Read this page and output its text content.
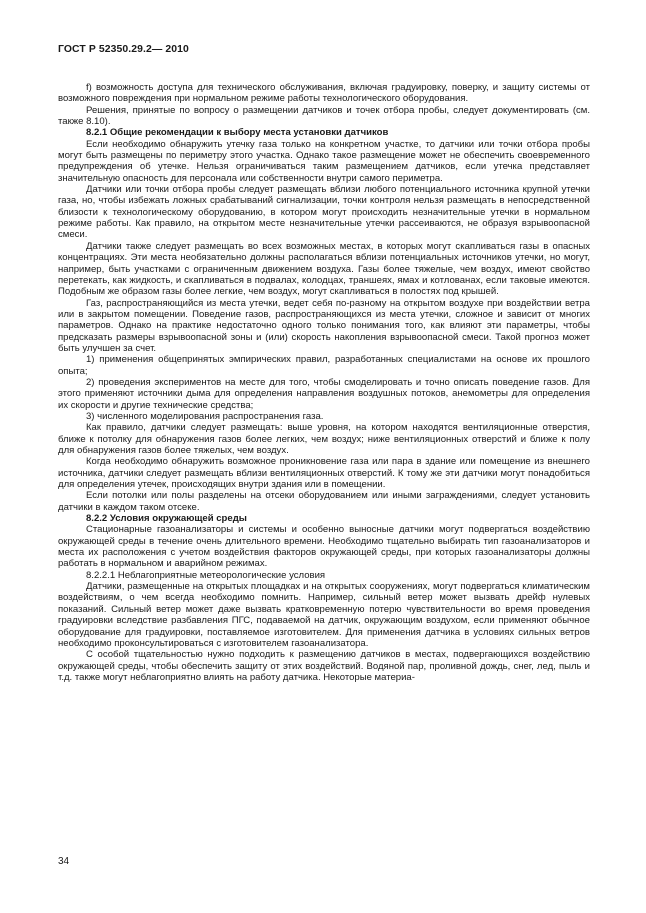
ГОСТ Р 52350.29.2— 2010

f) возможность доступа для технического обслуживания, включая градуировку, поверку, и защиту системы от возможного повреждения при нормальном режиме работы технологического оборудования.

Решения, принятые по вопросу о размещении датчиков и точек отбора пробы, следует документировать (см. также 8.10).

8.2.1 Общие рекомендации к выбору места установки датчиков

Если необходимо обнаружить утечку газа только на конкретном участке, то датчики или точки отбора пробы могут быть размещены по периметру этого участка. Однако такое размещение может не обеспечить своевременного предупреждения об утечке. Нельзя ограничиваться таким размещением датчиков, если утечка представляет значительную опасность для персонала или собственности внутри самого периметра.

Датчики или точки отбора пробы следует размещать вблизи любого потенциального источника крупной утечки газа, но, чтобы избежать ложных срабатываний сигнализации, точки контроля нельзя размещать в непосредственной близости к технологическому оборудованию, в котором могут происходить незначительные утечки в нормальном режиме работы. Как правило, на открытом месте незначительные утечки рассеиваются, не образуя взрывоопасной смеси.

Датчики также следует размещать во всех возможных местах, в которых могут скапливаться газы в опасных концентрациях. Эти места необязательно должны располагаться вблизи потенциальных источников утечки, но могут, например, быть участками с ограниченным движением воздуха. Газы более тяжелые, чем воздух, имеют свойство перетекать, как жидкость, и скапливаться в подвалах, колодцах, траншеях, ямах и котлованах, если таковые имеются. Подобным же образом газы более легкие, чем воздух, могут скапливаться в полостях под крышей.

Газ, распространяющийся из места утечки, ведет себя по-разному на открытом воздухе при воздействии ветра или в закрытом помещении. Поведение газов, распространяющихся из места утечки, сложное и зависит от многих параметров. Однако на практике недостаточно одного только понимания того, как влияют эти параметры, чтобы предсказать размеры взрывоопасной зоны и (или) скорость накопления взрывоопасной смеси. Такой прогноз может быть улучшен за счет.

1) применения общепринятых эмпирических правил, разработанных специалистами на основе их прошлого опыта;

2) проведения экспериментов на месте для того, чтобы смоделировать и точно описать поведение газов. Для этого применяют источники дыма для определения направления воздушных потоков, анемометры для определения их скорости и другие технические средства;

3) численного моделирования распространения газа.

Как правило, датчики следует размещать: выше уровня, на котором находятся вентиляционные отверстия, ближе к потолку для обнаружения газов более легких, чем воздух; ниже вентиляционных отверстий и ближе к полу для обнаружения газов более тяжелых, чем воздух.

Когда необходимо обнаружить возможное проникновение газа или пара в здание или помещение из внешнего источника, датчики следует размещать вблизи вентиляционных отверстий. К тому же эти датчики могут понадобиться для определения утечек, происходящих внутри здания или в помещении.

Если потолки или полы разделены на отсеки оборудованием или иными заграждениями, следует установить датчики в каждом таком отсеке.

8.2.2 Условия окружающей среды

Стационарные газоанализаторы и системы и особенно выносные датчики могут подвергаться воздействию окружающей среды в течение очень длительного времени. Необходимо тщательно выбирать тип газоанализаторов и места их расположения с учетом воздействия факторов окружающей среды, при которых газоанализаторы должны работать в нормальном и аварийном режимах.

8.2.2.1 Неблагоприятные метеорологические условия

Датчики, размещенные на открытых площадках и на открытых сооружениях, могут подвергаться климатическим воздействиям, о чем всегда необходимо помнить. Например, сильный ветер может вызвать дрейф нулевых показаний. Сильный ветер может даже вызвать кратковременную потерю чувствительности во время проведения градуировки вследствие разбавления ПГС, подаваемой на датчик, окружающим воздухом, если применяют обычное оборудование для градуировки, поставляемое изготовителем. Для применения датчика в условиях сильных ветров необходимо проконсультироваться с изготовителем газоанализатора.

С особой тщательностью нужно подходить к размещению датчиков в местах, подвергающихся воздействию окружающей среды, чтобы обеспечить защиту от этих воздействий. Водяной пар, проливной дождь, снег, лед, пыль и т.д. также могут неблагоприятно влиять на работу датчика. Некоторые материа-

34
